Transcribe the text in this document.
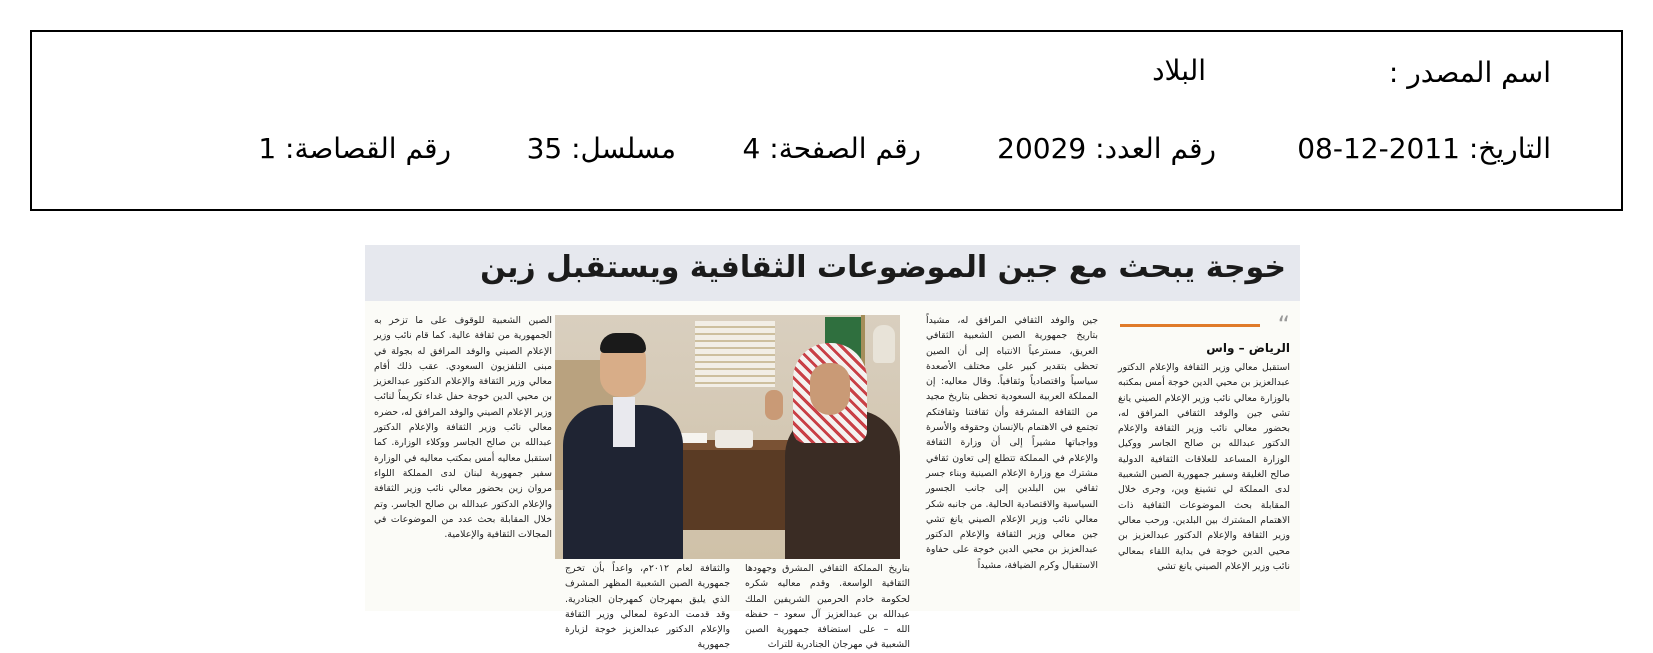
اسم المصدر :
البلاد
التاريخ: 2011-12-08
رقم العدد: 20029
رقم الصفحة: 4
مسلسل: 35
رقم القصاصة: 1
خوجة يبحث مع جين الموضوعات الثقافية ويستقبل زين
“
الرياض – واس

استقبل معالي وزير الثقافة والإعلام الدكتور عبدالعزيز بن محيي الدين خوجة أمس بمكتبه بالوزارة معالي نائب وزير الإعلام الصيني يانغ تشي جين والوفد الثقافي المرافق له، بحضور معالي نائب وزير الثقافة والإعلام الدكتور عبدالله بن صالح الجاسر ووكيل الوزارة المساعد للعلاقات الثقافية الدولية صالح الغليقة وسفير جمهورية الصين الشعبية لدى المملكة لي تشينغ وين، وجرى خلال المقابلة بحث الموضوعات الثقافية ذات الاهتمام المشترك بين البلدين. ورحب معالي وزير الثقافة والإعلام الدكتور عبدالعزيز بن محيي الدين خوجة في بداية اللقاء بمعالي نائب وزير الإعلام الصيني يانغ تشي

جين والوفد الثقافي المرافق له، مشيداً بتاريخ جمهورية الصين الشعبية الثقافي العريق، مسترعياً الانتباه إلى أن الصين تحظى بتقدير كبير على مختلف الأصعدة سياسياً واقتصادياً وثقافياً. وقال معاليه: إن المملكة العربية السعودية تحظى بتاريخ مجيد من الثقافة المشرقة وأن ثقافتنا وثقافتكم تجتمع في الاهتمام بالإنسان وحقوقه والأسرة وواجباتها مشيراً إلى أن وزارة الثقافة والإعلام في المملكة تتطلع إلى تعاون ثقافي مشترك مع وزارة الإعلام الصينية وبناء جسر ثقافي بين البلدين إلى جانب الجسور السياسية والاقتصادية الحالية. من جانبه شكر معالي نائب وزير الإعلام الصيني يانغ تشي جين معالي وزير الثقافة والإعلام الدكتور عبدالعزيز بن محيي الدين خوجة على حفاوة الاستقبال وكرم الضيافة، مشيداً

بتاريخ المملكة الثقافي المشرق وجهودها الثقافية الواسعة. وقدم معاليه شكره لحكومة خادم الحرمين الشريفين الملك عبدالله بن عبدالعزيز آل سعود – حفظه الله – على استضافة جمهورية الصين الشعبية في مهرجان الجنادرية للتراث

والثقافة لعام ٢٠١٢م، واعداً بأن تخرج جمهورية الصين الشعبية المظهر المشرف الذي يليق بمهرجان كمهرجان الجنادرية. وقد قدمت الدعوة لمعالي وزير الثقافة والإعلام الدكتور عبدالعزيز خوجة لزيارة جمهورية

الصين الشعبية للوقوف على ما تزخر به الجمهورية من ثقافة عالية. كما قام نائب وزير الإعلام الصيني والوفد المرافق له بجولة في مبنى التلفزيون السعودي. عقب ذلك أقام معالي وزير الثقافة والإعلام الدكتور عبدالعزيز بن محيي الدين خوجة حفل غداء تكريماً لنائب وزير الإعلام الصيني والوفد المرافق له، حضره معالي نائب وزير الثقافة والإعلام الدكتور عبدالله بن صالح الجاسر ووكلاء الوزارة. كما استقبل معاليه أمس بمكتب معاليه في الوزارة سفير جمهورية لبنان لدى المملكة اللواء مروان زين بحضور معالي نائب وزير الثقافة والإعلام الدكتور عبدالله بن صالح الجاسر. وتم خلال المقابلة بحث عدد من الموضوعات في المجالات الثقافية والإعلامية.
